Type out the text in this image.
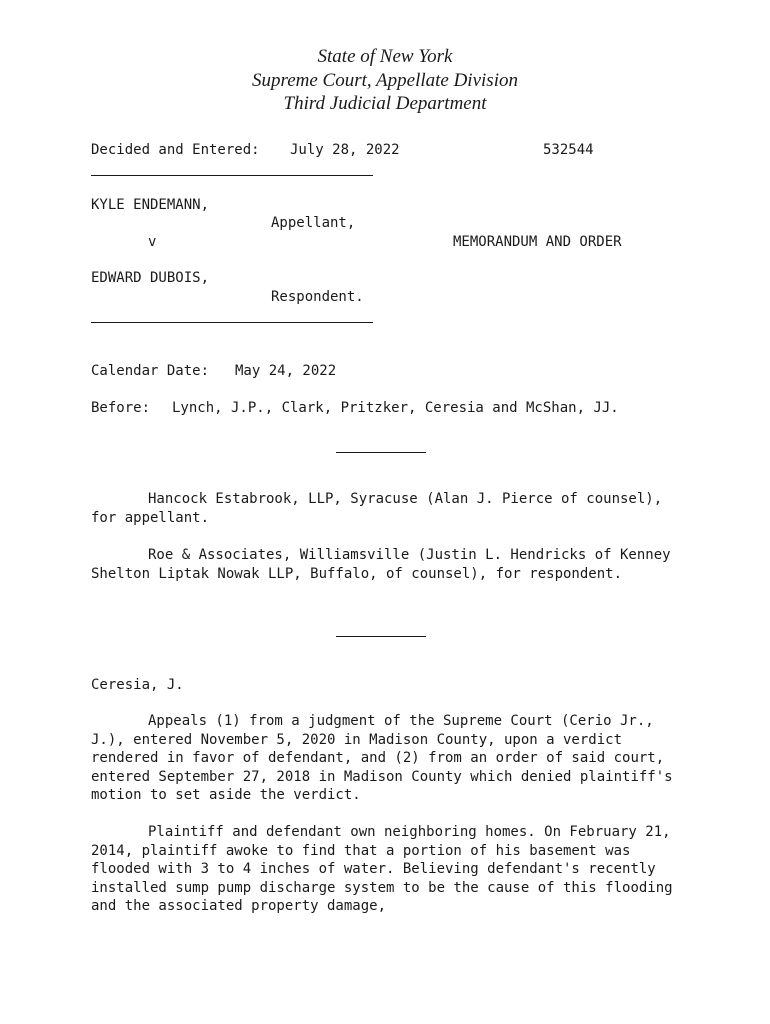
State of New York
Supreme Court, Appellate Division
Third Judicial Department
Decided and Entered: July 28, 2022	532544
KYLE ENDEMANN,
Appellant,
v	MEMORANDUM AND ORDER
EDWARD DUBOIS,
Respondent.
Calendar Date: May 24, 2022
Before: Lynch, J.P., Clark, Pritzker, Ceresia and McShan, JJ.
Hancock Estabrook, LLP, Syracuse (Alan J. Pierce of counsel), for appellant.
Roe & Associates, Williamsville (Justin L. Hendricks of Kenney Shelton Liptak Nowak LLP, Buffalo, of counsel), for respondent.
Ceresia, J.
Appeals (1) from a judgment of the Supreme Court (Cerio Jr., J.), entered November 5, 2020 in Madison County, upon a verdict rendered in favor of defendant, and (2) from an order of said court, entered September 27, 2018 in Madison County which denied plaintiff's motion to set aside the verdict.
Plaintiff and defendant own neighboring homes. On February 21, 2014, plaintiff awoke to find that a portion of his basement was flooded with 3 to 4 inches of water. Believing defendant's recently installed sump pump discharge system to be the cause of this flooding and the associated property damage,
